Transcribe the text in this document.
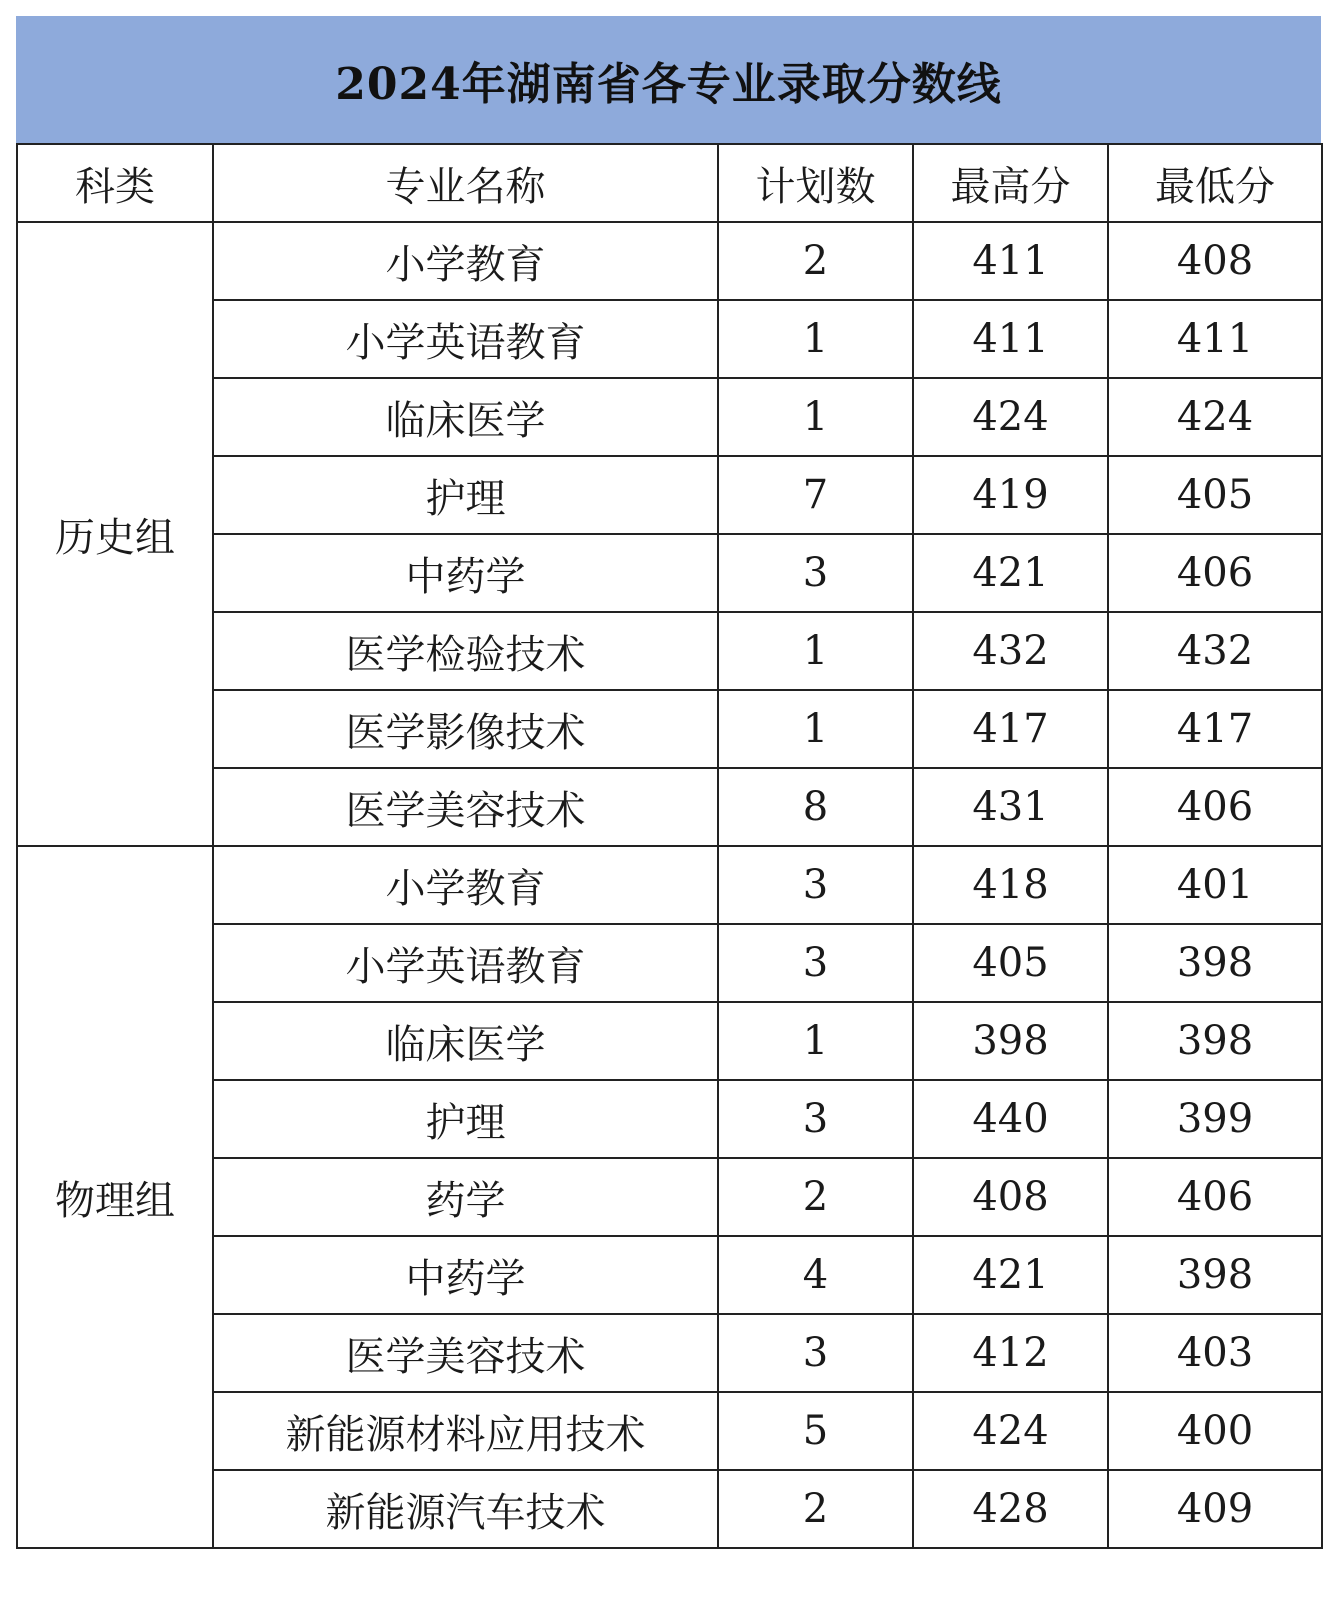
2024年湖南省各专业录取分数线
科类	专业名称	计划数	最高分	最低分
历史组	小学教育	2	411	408
	小学英语教育	1	411	411
	临床医学	1	424	424
	护理	7	419	405
	中药学	3	421	406
	医学检验技术	1	432	432
	医学影像技术	1	417	417
	医学美容技术	8	431	406
物理组	小学教育	3	418	401
	小学英语教育	3	405	398
	临床医学	1	398	398
	护理	3	440	399
	药学	2	408	406
	中药学	4	421	398
	医学美容技术	3	412	403
	新能源材料应用技术	5	424	400
	新能源汽车技术	2	428	409
